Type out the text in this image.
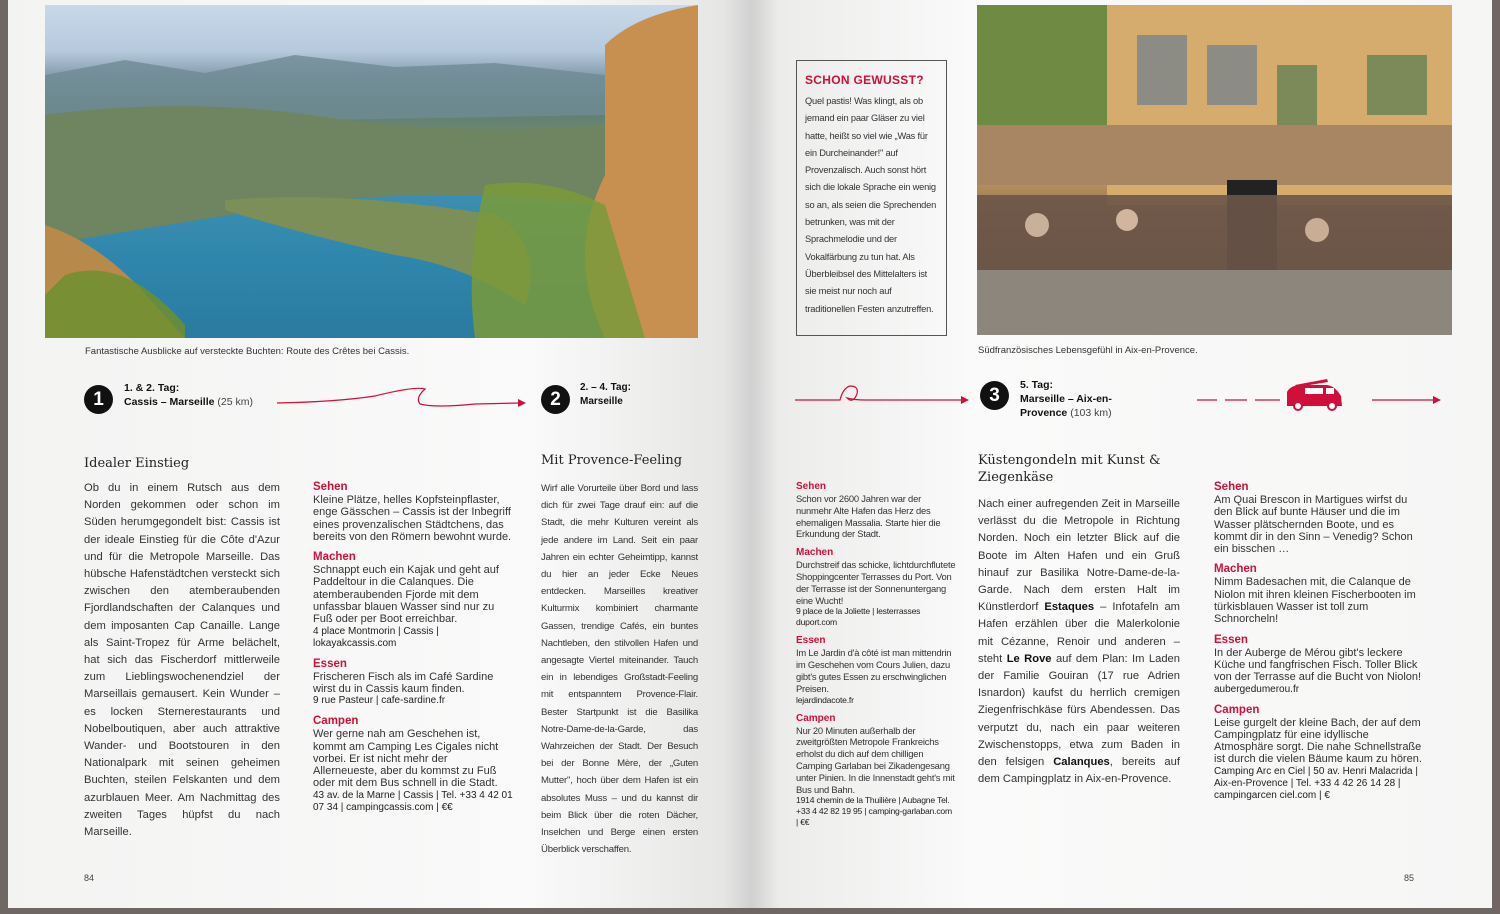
Fantastische Ausblicke auf versteckte Buchten: Route des Crêtes bei Cassis.
1
1. & 2. Tag:
Cassis – Marseille (25 km)	2
2. – 4. Tag:
Marseille
Idealer Einstieg
Ob du in einem Rutsch aus dem Norden gekommen oder schon im Süden herumgegondelt bist: Cassis ist der ideale Einstieg für die Côte d'Azur und für die Metropole Marseille. Das hübsche Hafenstädtchen versteckt sich zwischen den atemberaubenden Fjordlandschaften der Calanques und dem imposanten Cap Canaille. Lange als Saint-Tropez für Arme belächelt, hat sich das Fischerdorf mittlerweile zum Lieblingswochenendziel der Marseillais gemausert. Kein Wunder – es locken Sternerestaurants und Nobelboutiquen, aber auch attraktive Wander- und Bootstouren in den Nationalpark mit seinen geheimen Buchten, steilen Felskanten und dem azurblauen Meer. Am Nachmittag des zweiten Tages hüpfst du nach Marseille.
Sehen
Kleine Plätze, helles Kopfsteinpflaster, enge Gässchen – Cassis ist der Inbegriff eines provenzalischen Städtchens, das bereits von den Römern bewohnt wurde.
Machen
Schnappt euch ein Kajak und geht auf Paddeltour in die Calanques. Die atemberaubenden Fjorde mit dem unfassbar blauen Wasser sind nur zu Fuß oder per Boot erreichbar.
4 place Montmorin | Cassis | lokayakcassis.com
Essen
Frischeren Fisch als im Café Sardine wirst du in Cassis kaum finden.
9 rue Pasteur | cafe-sardine.fr
Campen
Wer gerne nah am Geschehen ist, kommt am Camping Les Cigales nicht vorbei. Er ist nicht mehr der Allerneueste, aber du kommst zu Fuß oder mit dem Bus schnell in die Stadt.
43 av. de la Marne | Cassis | Tel. +33 4 42 01 07 34 | campingcassis.com | €€
Mit Provence-Feeling
Wirf alle Vorurteile über Bord und lass dich für zwei Tage drauf ein: auf die Stadt, die mehr Kulturen vereint als jede andere im Land. Seit ein paar Jahren ein echter Geheimtipp, kannst du hier an jeder Ecke Neues entdecken. Marseilles kreativer Kulturmix kombiniert charmante Gassen, trendige Cafés, ein buntes Nachtleben, den stilvollen Hafen und angesagte Viertel miteinander. Tauch ein in lebendiges Großstadt-Feeling mit entspanntem Provence-Flair. Bester Startpunkt ist die Basilika Notre-Dame-de-la-Garde, das Wahrzeichen der Stadt. Der Besuch bei der Bonne Mère, der „Guten Mutter", hoch über dem Hafen ist ein absolutes Muss – und du kannst dir beim Blick über die roten Dächer, Inselchen und Berge einen ersten Überblick verschaffen.
84
SCHON GEWUSST?
Quel pastis! Was klingt, als ob jemand ein paar Gläser zu viel hatte, heißt so viel wie „Was für ein Durcheinander!" auf Provenzalisch. Auch sonst hört sich die lokale Sprache ein wenig so an, als seien die Sprechenden betrunken, was mit der Sprachmelodie und der Vokalfärbung zu tun hat. Als Überbleibsel des Mittelalters ist sie meist nur noch auf traditionellen Festen anzutreffen.
Südfranzösisches Lebensgefühl in Aix-en-Provence.
3	5. Tag:
Marseille – Aix-en-Provence (103 km)
Sehen
Schon vor 2600 Jahren war der nunmehr Alte Hafen das Herz des ehemaligen Massalia. Starte hier die Erkundung der Stadt.
Machen
Durchstreif das schicke, lichtdurchflutete Shoppingcenter Terrasses du Port. Von der Terrasse ist der Sonnenuntergang eine Wucht!
9 place de la Joliette | lesterrasses duport.com
Essen
Im Le Jardin d'à côté ist man mittendrin im Geschehen vom Cours Julien, dazu gibt's gutes Essen zu erschwinglichen Preisen.
lejardindacote.fr
Campen
Nur 20 Minuten außerhalb der zweitgrößten Metropole Frankreichs erholst du dich auf dem chilligen Camping Garlaban bei Zikadengesang unter Pinien. In die Innenstadt geht's mit Bus und Bahn.
1914 chemin de la Thuilière | Aubagne Tel. +33 4 42 82 19 95 | camping-garlaban.com | €€
Küstengondeln mit Kunst & Ziegenkäse
Nach einer aufregenden Zeit in Marseille verlässt du die Metropole in Richtung Norden. Noch ein letzter Blick auf die Boote im Alten Hafen und ein Gruß hinauf zur Basilika Notre-Dame-de-la-Garde. Nach dem ersten Halt im Künstlerdorf Estaques – Infotafeln am Hafen erzählen über die Malerkolonie mit Cézanne, Renoir und anderen – steht Le Rove auf dem Plan: Im Laden der Familie Gouiran (17 rue Adrien Isnardon) kaufst du herrlich cremigen Ziegenfrischkäse fürs Abendessen. Das verputzt du, nach ein paar weiteren Zwischenstopps, etwa zum Baden in den felsigen Calanques, bereits auf dem Campingplatz in Aix-en-Provence.
Sehen
Am Quai Brescon in Martigues wirfst du den Blick auf bunte Häuser und die im Wasser plätschernden Boote, und es kommt dir in den Sinn – Venedig? Schon ein bisschen …
Machen
Nimm Badesachen mit, die Calanque de Niolon mit ihren kleinen Fischerbooten im türkisblauen Wasser ist toll zum Schnorcheln!
Essen
In der Auberge de Mérou gibt's leckere Küche und fangfrischen Fisch. Toller Blick von der Terrasse auf die Bucht von Niolon!
aubergedumerou.fr
Campen
Leise gurgelt der kleine Bach, der auf dem Campingplatz für eine idyllische Atmosphäre sorgt. Die nahe Schnellstraße ist durch die vielen Bäume kaum zu hören.
Camping Arc en Ciel | 50 av. Henri Malacrida | Aix-en-Provence | Tel. +33 4 42 26 14 28 | campingarcen ciel.com | €
85
